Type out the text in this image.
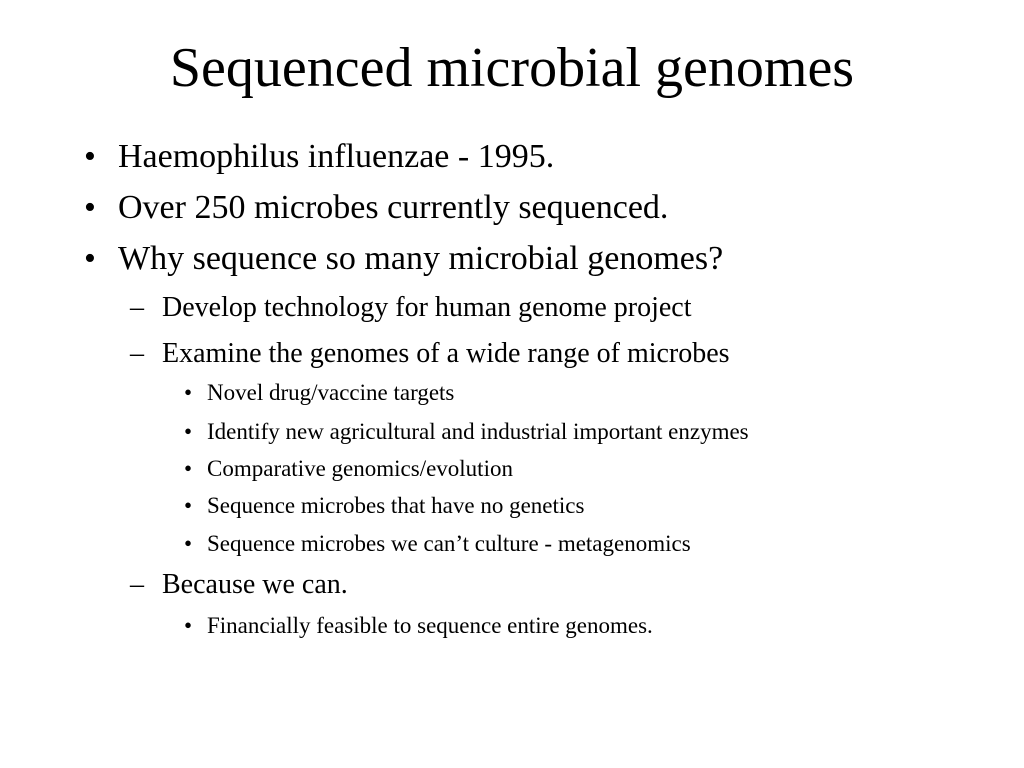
Sequenced microbial genomes
• Haemophilus influenzae - 1995.
• Over 250 microbes currently sequenced.
• Why sequence so many microbial genomes?
– Develop technology for human genome project
– Examine the genomes of a wide range of microbes
• Novel drug/vaccine targets
• Identify new agricultural and industrial important enzymes
• Comparative genomics/evolution
• Sequence microbes that have no genetics
• Sequence microbes we can’t culture - metagenomics
– Because we can.
• Financially feasible to sequence entire genomes.
